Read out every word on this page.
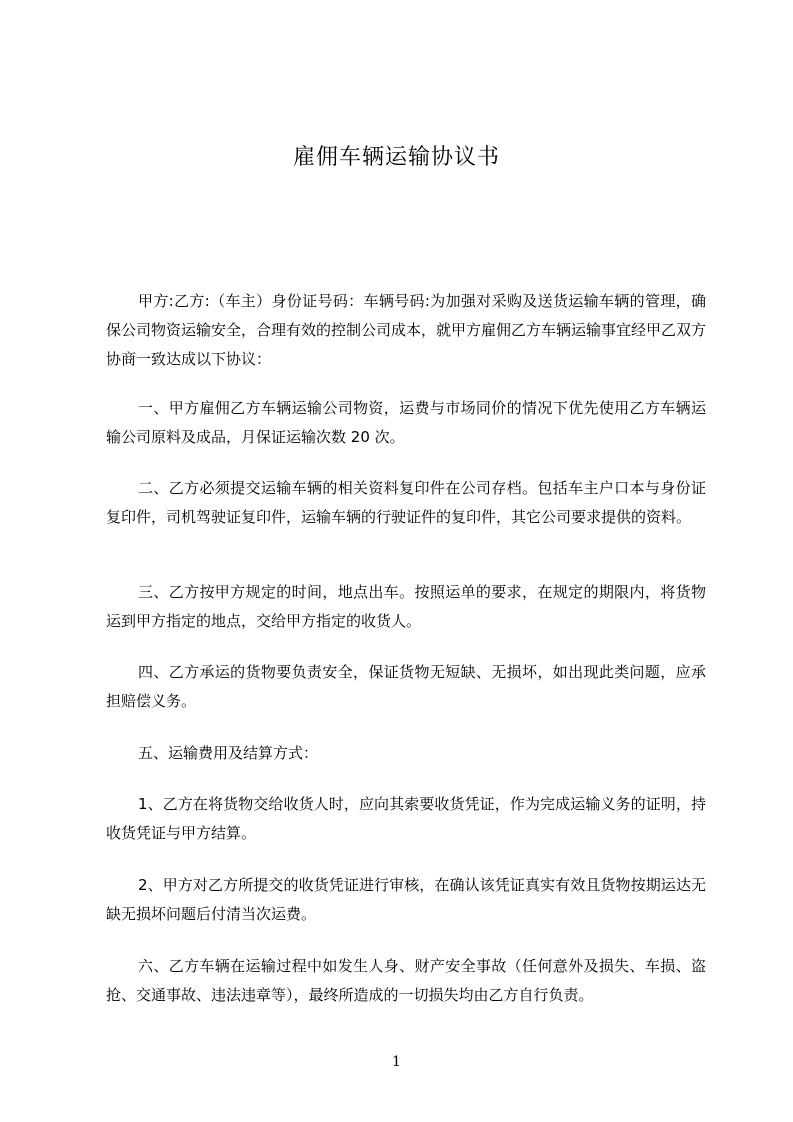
雇佣车辆运输协议书

甲方:乙方:（车主）身份证号码：车辆号码:为加强对采购及送货运输车辆的管理，确保公司物资运输安全，合理有效的控制公司成本，就甲方雇佣乙方车辆运输事宜经甲乙双方协商一致达成以下协议：

一、甲方雇佣乙方车辆运输公司物资，运费与市场同价的情况下优先使用乙方车辆运输公司原料及成品，月保证运输次数 20 次。

二、乙方必须提交运输车辆的相关资料复印件在公司存档。包括车主户口本与身份证复印件，司机驾驶证复印件，运输车辆的行驶证件的复印件，其它公司要求提供的资料。

三、乙方按甲方规定的时间，地点出车。按照运单的要求，在规定的期限内，将货物运到甲方指定的地点，交给甲方指定的收货人。

四、乙方承运的货物要负责安全，保证货物无短缺、无损坏，如出现此类问题，应承担赔偿义务。

五、运输费用及结算方式：

1、乙方在将货物交给收货人时，应向其索要收货凭证，作为完成运输义务的证明，持收货凭证与甲方结算。

2、甲方对乙方所提交的收货凭证进行审核，在确认该凭证真实有效且货物按期运达无缺无损坏问题后付清当次运费。

六、乙方车辆在运输过程中如发生人身、财产安全事故（任何意外及损失、车损、盗抢、交通事故、违法违章等），最终所造成的一切损失均由乙方自行负责。

1
